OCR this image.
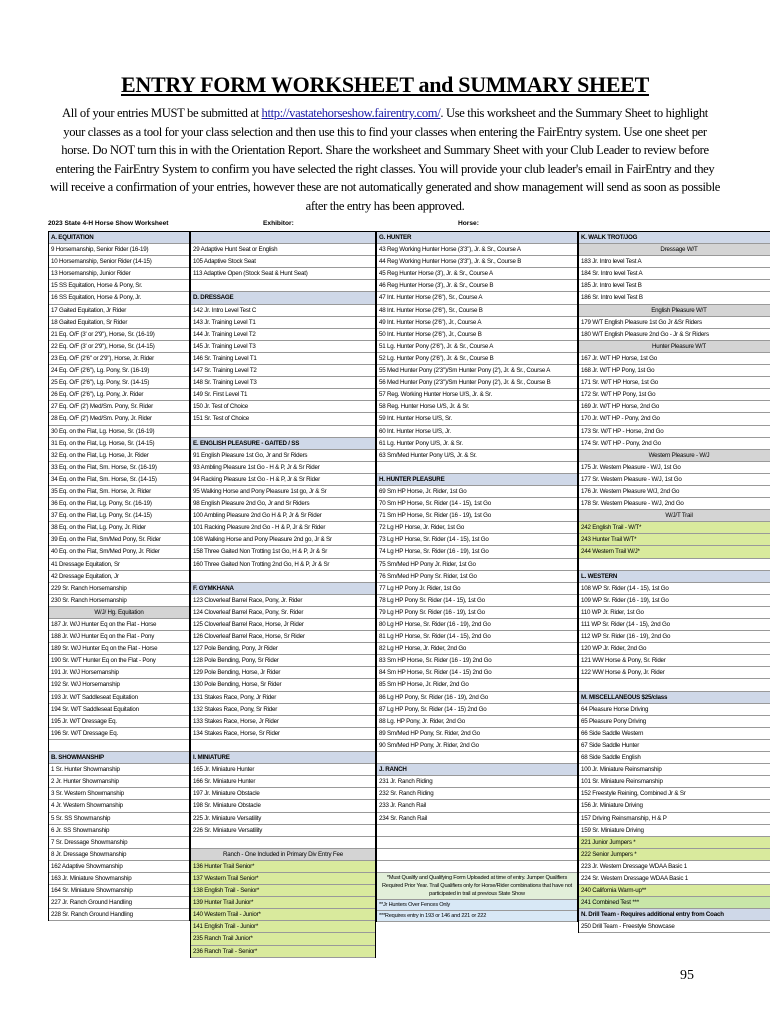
ENTRY FORM WORKSHEET and SUMMARY SHEET
All of your entries MUST be submitted at http://vastatehorseshow.fairentry.com/. Use this worksheet and the Summary Sheet to highlight your classes as a tool for your class selection and then use this to find your classes when entering the FairEntry system. Use one sheet per horse. Do NOT turn this in with the Orientation Report. Share the worksheet and Summary Sheet with your Club Leader to review before entering the FairEntry System to confirm you have selected the right classes. You will provide your club leader's email in FairEntry and they will receive a confirmation of your entries, however these are not automatically generated and show management will send as soon as possible after the entry has been approved.
2023 State 4-H Horse Show Worksheet	Exhibitor:	Horse:
A. EQUITATION
9 Horsemanship, Senior Rider (16-19)
10 Horsemanship, Senior Rider (14-15)
13 Horsemanship, Junior Rider
15 SS Equitation, Horse & Pony, Sr.
16 SS Equitation, Horse & Pony, Jr.
17 Gaited Equitation, Jr Rider
18 Gaited Equitation, Sr Rider
21 Eq. O/F (3' or 2'9"), Horse, Sr. (16-19)
22 Eq. O/F (3' or 2'9"), Horse, Sr. (14-15)
23 Eq. O/F (2'6" or 2'9"), Horse, Jr. Rider
24 Eq. O/F (2'6"), Lg. Pony, Sr. (16-19)
25 Eq. O/F (2'6"), Lg. Pony, Sr. (14-15)
26 Eq. O/F (2'6"), Lg. Pony, Jr. Rider
27 Eq. O/F (2') Med/Sm. Pony, Sr. Rider
28 Eq. O/F (2') Med/Sm. Pony, Jr. Rider
30 Eq. on the Flat, Lg. Horse, Sr. (16-19)
31 Eq. on the Flat, Lg. Horse, Sr. (14-15)
32 Eq. on the Flat, Lg. Horse, Jr. Rider
33 Eq. on the Flat, Sm. Horse, Sr. (16-19)
34 Eq. on the Flat, Sm. Horse, Sr. (14-15)
35 Eq. on the Flat, Sm. Horse, Jr. Rider
36 Eq. on the Flat, Lg. Pony, Sr. (16-19)
37 Eq. on the Flat, Lg. Pony, Sr. (14-15)
38 Eq. on the Flat, Lg. Pony, Jr. Rider
39 Eq. on the Flat, Sm/Med Pony, Sr. Rider
40 Eq. on the Flat, Sm/Med Pony, Jr. Rider
41 Dressage Equitation, Sr
42 Dressage Equitation, Jr
229 Sr. Ranch Horsemanship
230 Sr. Ranch Horsemanship
W/J/ Hg. Equitation
187 Jr. W/J Hunter Eq on the Flat - Horse
188 Jr. W/J Hunter Eq on the Flat - Pony
189 Sr. W/J Hunter Eq on the Flat - Horse
190 Sr. W/T Hunter Eq on the Flat - Pony
191 Jr. W/J Horsemanship
192 Sr. W/J Horsemanship
193 Jr. W/T Saddleseat Equitation
194 Sr. W/T Saddleseat Equitation
195 Jr. W/T Dressage Eq.
196 Sr. W/T Dressage Eq.
B. SHOWMANSHIP
1 Sr. Hunter Showmanship
2 Jr. Hunter Showmanship
3 Sr. Western Showmanship
4 Jr. Western Showmanship
5 Sr. SS Showmanship
6 Jr. SS Showmanship
7 Sr. Dressage Showmanship
8 Jr. Dressage Showmanship
162 Adaptive Showmanship
163 Jr. Miniature Showmanship
164 Sr. Miniature Showmanship
227 Jr. Ranch Ground Handling
228 Sr. Ranch Ground Handling
29 Adaptive Hunt Seat or English
105 Adaptive Stock Seat
113 Adaptive Open (Stock Seat & Hunt Seat)
D. DRESSAGE
142 Jr. Intro Level Test C
143 Jr. Training Level T1
144 Jr. Training Level T2
145 Jr. Training Level T3
146 Sr. Training Level T1
147 Sr. Training Level T2
148 Sr. Training Level T3
149 Sr. First Level T1
150 Jr. Test of Choice
151 Sr. Test of Choice
E. ENGLISH PLEASURE - GAITED / SS
91 English Pleasure 1st Go, Jr and Sr Riders
93 Ambling Pleasure 1st Go - H & P, Jr & Sr Rider
94 Racking Pleasure 1st Go - H & P, Jr & Sr Rider
95 Walking Horse and Pony Pleasure 1st go, Jr & Sr
98 English Pleasure 2nd Go, Jr and Sr Riders
100 Ambling Pleasure 2nd Go H & P, Jr & Sr Rider
101 Racking Pleasure 2nd Go - H & P, Jr & Sr Rider
108 Walking Horse and Pony Pleasure 2nd go, Jr & Sr
158 Three Gaited Non Trotting 1st Go, H & P, Jr & Sr
160 Three Gaited Non Trotting 2nd Go, H & P, Jr & Sr
F. GYMKHANA
123 Cloverleaf Barrel Race, Pony, Jr. Rider
124 Cloverleaf Barrel Race, Pony, Sr. Rider
125 Cloverleaf Barrel Race, Horse, Jr Rider
126 Cloverleaf Barrel Race, Horse, Sr Rider
127 Pole Bending, Pony, Jr Rider
128 Pole Bending, Pony, Sr Rider
129 Pole Bending, Horse, Jr Rider
130 Pole Bending, Horse, Sr Rider
131 Stakes Race, Pony, Jr Rider
132 Stakes Race, Pony, Sr Rider
133 Stakes Race, Horse, Jr Rider
134 Stakes Race, Horse, Sr Rider
I. MINIATURE
165 Jr. Miniature Hunter
166 Sr. Miniature Hunter
197 Jr. Miniature Obstacle
198 Sr. Miniature Obstacle
225 Jr. Miniature Versatility
226 Sr. Miniature Versatility
Ranch - One Included in Primary Div Entry Fee
136 Hunter Trail Senior*
137 Western Trail Senior*
138 English Trail - Senior*
139 Hunter Trail Junior*
140 Western Trail - Junior*
141 English Trail - Junior*
235 Ranch Trail Junior*
236 Ranch Trail - Senior*
G. HUNTER
43 Reg Working Hunter Horse (3'3"), Jr. & Sr., Course A
44 Reg Working Hunter Horse (3'3"), Jr. & Sr., Course B
45 Reg Hunter Horse (3'), Jr. & Sr., Course A
46 Reg Hunter Horse (3'), Jr. & Sr., Course B
47 Int. Hunter Horse (2'6"), Sr., Course A
48 Int. Hunter Horse (2'6"), Sr., Course B
49 Int. Hunter Horse (2'6"), Jr., Course A
50 Int. Hunter Horse (2'6"), Jr., Course B
51 Lg. Hunter Pony (2'6"), Jr. & Sr., Course A
52 Lg. Hunter Pony (2'6"), Jr. & Sr., Course B
55 Med Hunter Pony (2'3")/Sm Hunter Pony (2'), Jr. & Sr., Course A
56 Med Hunter Pony (2'3")/Sm Hunter Pony (2'), Jr. & Sr., Course B
57 Reg. Working Hunter Horse U/S, Jr. & Sr.
58 Reg. Hunter Horse U/S, Jr. & Sr.
59 Int. Hunter Horse U/S, Sr.
60 Int. Hunter Horse U/S, Jr.
61 Lg. Hunter Pony U/S, Jr. & Sr.
63 Sm/Med Hunter Pony U/S, Jr. & Sr.
H. HUNTER PLEASURE
69 Sm HP Horse, Jr. Rider, 1st Go
70 Sm HP Horse, Sr. Rider (14 - 15), 1st Go
71 Sm HP Horse, Sr. Rider (16 - 19), 1st Go
72 Lg HP Horse, Jr. Rider, 1st Go
73 Lg HP Horse, Sr. Rider (14 - 15), 1st Go
74 Lg HP Horse, Sr. Rider (16 - 19), 1st Go
75 Sm/Med HP Pony Jr. Rider, 1st Go
76 Sm/Med HP Pony Sr. Rider, 1st Go
77 Lg HP Pony Jr. Rider, 1st Go
78 Lg HP Pony Sr. Rider (14 - 15), 1st Go
79 Lg HP Pony Sr. Rider (16 - 19), 1st Go
80 Lg HP Horse, Sr. Rider (16 - 19), 2nd Go
81 Lg HP Horse, Sr. Rider (14 - 15), 2nd Go
82 Lg HP Horse, Jr. Rider, 2nd Go
83 Sm HP Horse, Sr. Rider (16 - 19) 2nd Go
84 Sm HP Horse, Sr. Rider (14 - 15) 2nd Go
85 Sm HP Horse, Jr. Rider, 2nd Go
86 Lg HP Pony, Sr. Rider (16 - 19), 2nd Go
87 Lg HP Pony, Sr. Rider (14 - 15) 2nd Go
88 Lg. HP Pony, Jr. Rider, 2nd Go
89 Sm/Med HP Pony, Sr. Rider, 2nd Go
90 Sm/Med HP Pony, Jr. Rider, 2nd Go
J. RANCH
231 Jr. Ranch Riding
232 Sr. Ranch Riding
233 Jr. Ranch Rail
234 Sr. Ranch Rail
*Must Qualify and Qualifying Form Uploaded at time of entry. Jumper Qualifiers Required Prior Year. Trail Qualifiers only for Horse/Rider combinations that have not participated in trail at previous State Show
**Jr Hunters Over Fences Only
***Requires entry in 193 or 146 and 221 or 222
K. WALK TROT/JOG
Dressage W/T
183 Jr. Intro level Test A
184 Sr. Intro level Test A
185 Jr. Intro level Test B
186 Sr. Intro level Test B
English Pleasure W/T
179 W/T English Pleasure 1st Go Jr &Sr Riders
180 W/T English Pleasure 2nd Go - Jr & Sr Riders
Hunter Pleasure W/T
167 Jr. W/T HP Horse, 1st Go
168 Jr. W/T HP Pony, 1st Go
171 Sr. W/T HP Horse, 1st Go
172 Sr. W/T HP Pony, 1st Go
169 Jr. W/T HP Horse, 2nd Go
170 Jr. W/T HP - Pony, 2nd Go
173 Sr. W/T HP - Horse, 2nd Go
174 Sr. W/T HP - Pony, 2nd Go
Western Pleasure - W/J
175 Jr. Western Pleasure - W/J, 1st Go
177 Sr. Western Pleasure - W/J, 1st Go
176 Jr. Western Pleasure W/J, 2nd Go
178 Sr. Western Pleasure - W/J, 2nd Go
W/J/T Trail
242 English Trail - W/T*
243 Hunter Trail W/T*
244 Western Trail W/J*
L. WESTERN
108 WP Sr. Rider (14 - 15), 1st Go
109 WP Sr. Rider (16 - 19), 1st Go
110 WP Jr. Rider, 1st Go
111 WP Sr. Rider (14 - 15), 2nd Go
112 WP Sr. Rider (16 - 19), 2nd Go
120 WP Jr. Rider, 2nd Go
121 WW Horse & Pony, Sr. Rider
122 WW Horse & Pony, Jr. Rider
M. MISCELLANEOUS $25/class
64 Pleasure Horse Driving
65 Pleasure Pony Driving
66 Side Saddle Western
67 Side Saddle Hunter
68 Side Saddle English
100 Jr. Miniature Reinsmanship
101 Sr. Miniature Reinsmanship
152 Freestyle Reining, Combined Jr & Sr
156 Jr. Miniature Driving
157 Driving Reinsmanship, H & P
159 Sr. Miniature Driving
221 Junior Jumpers *
222 Senior Jumpers *
223 Jr. Western Dressage WDAA Basic 1
224 Sr. Western Dressage WDAA Basic 1
240 California Warm-up**
241 Combined Test ***
N. Drill Team - Requires additional entry from Coach
250 Drill Team - Freestyle Showcase
95
